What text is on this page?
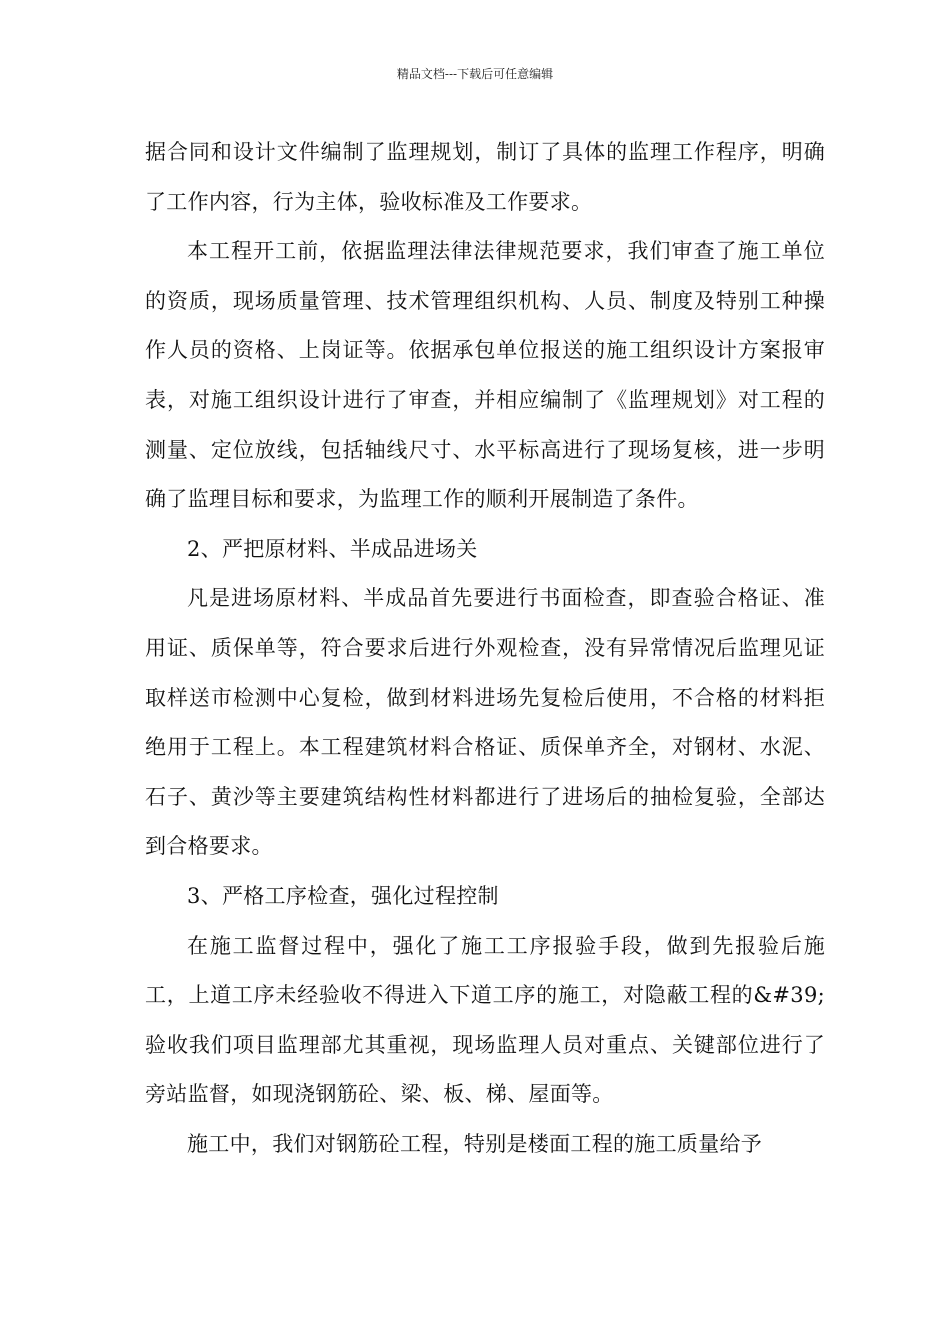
精品文档---下载后可任意编辑

据合同和设计文件编制了监理规划，制订了具体的监理工作程序，明确了工作内容，行为主体，验收标准及工作要求。

本工程开工前，依据监理法律法律规范要求，我们审查了施工单位的资质，现场质量管理、技术管理组织机构、人员、制度及特别工种操作人员的资格、上岗证等。依据承包单位报送的施工组织设计方案报审表，对施工组织设计进行了审查，并相应编制了《监理规划》对工程的测量、定位放线，包括轴线尺寸、水平标高进行了现场复核，进一步明确了监理目标和要求，为监理工作的顺利开展制造了条件。

2、严把原材料、半成品进场关

凡是进场原材料、半成品首先要进行书面检查，即查验合格证、准用证、质保单等，符合要求后进行外观检查，没有异常情况后监理见证取样送市检测中心复检，做到材料进场先复检后使用，不合格的材料拒绝用于工程上。本工程建筑材料合格证、质保单齐全，对钢材、水泥、石子、黄沙等主要建筑结构性材料都进行了进场后的抽检复验，全部达到合格要求。

3、严格工序检查，强化过程控制

在施工监督过程中，强化了施工工序报验手段，做到先报验后施工，上道工序未经验收不得进入下道工序的施工，对隐蔽工程的&#39;验收我们项目监理部尤其重视，现场监理人员对重点、关键部位进行了旁站监督，如现浇钢筋砼、梁、板、梯、屋面等。

施工中，我们对钢筋砼工程，特别是楼面工程的施工质量给予
